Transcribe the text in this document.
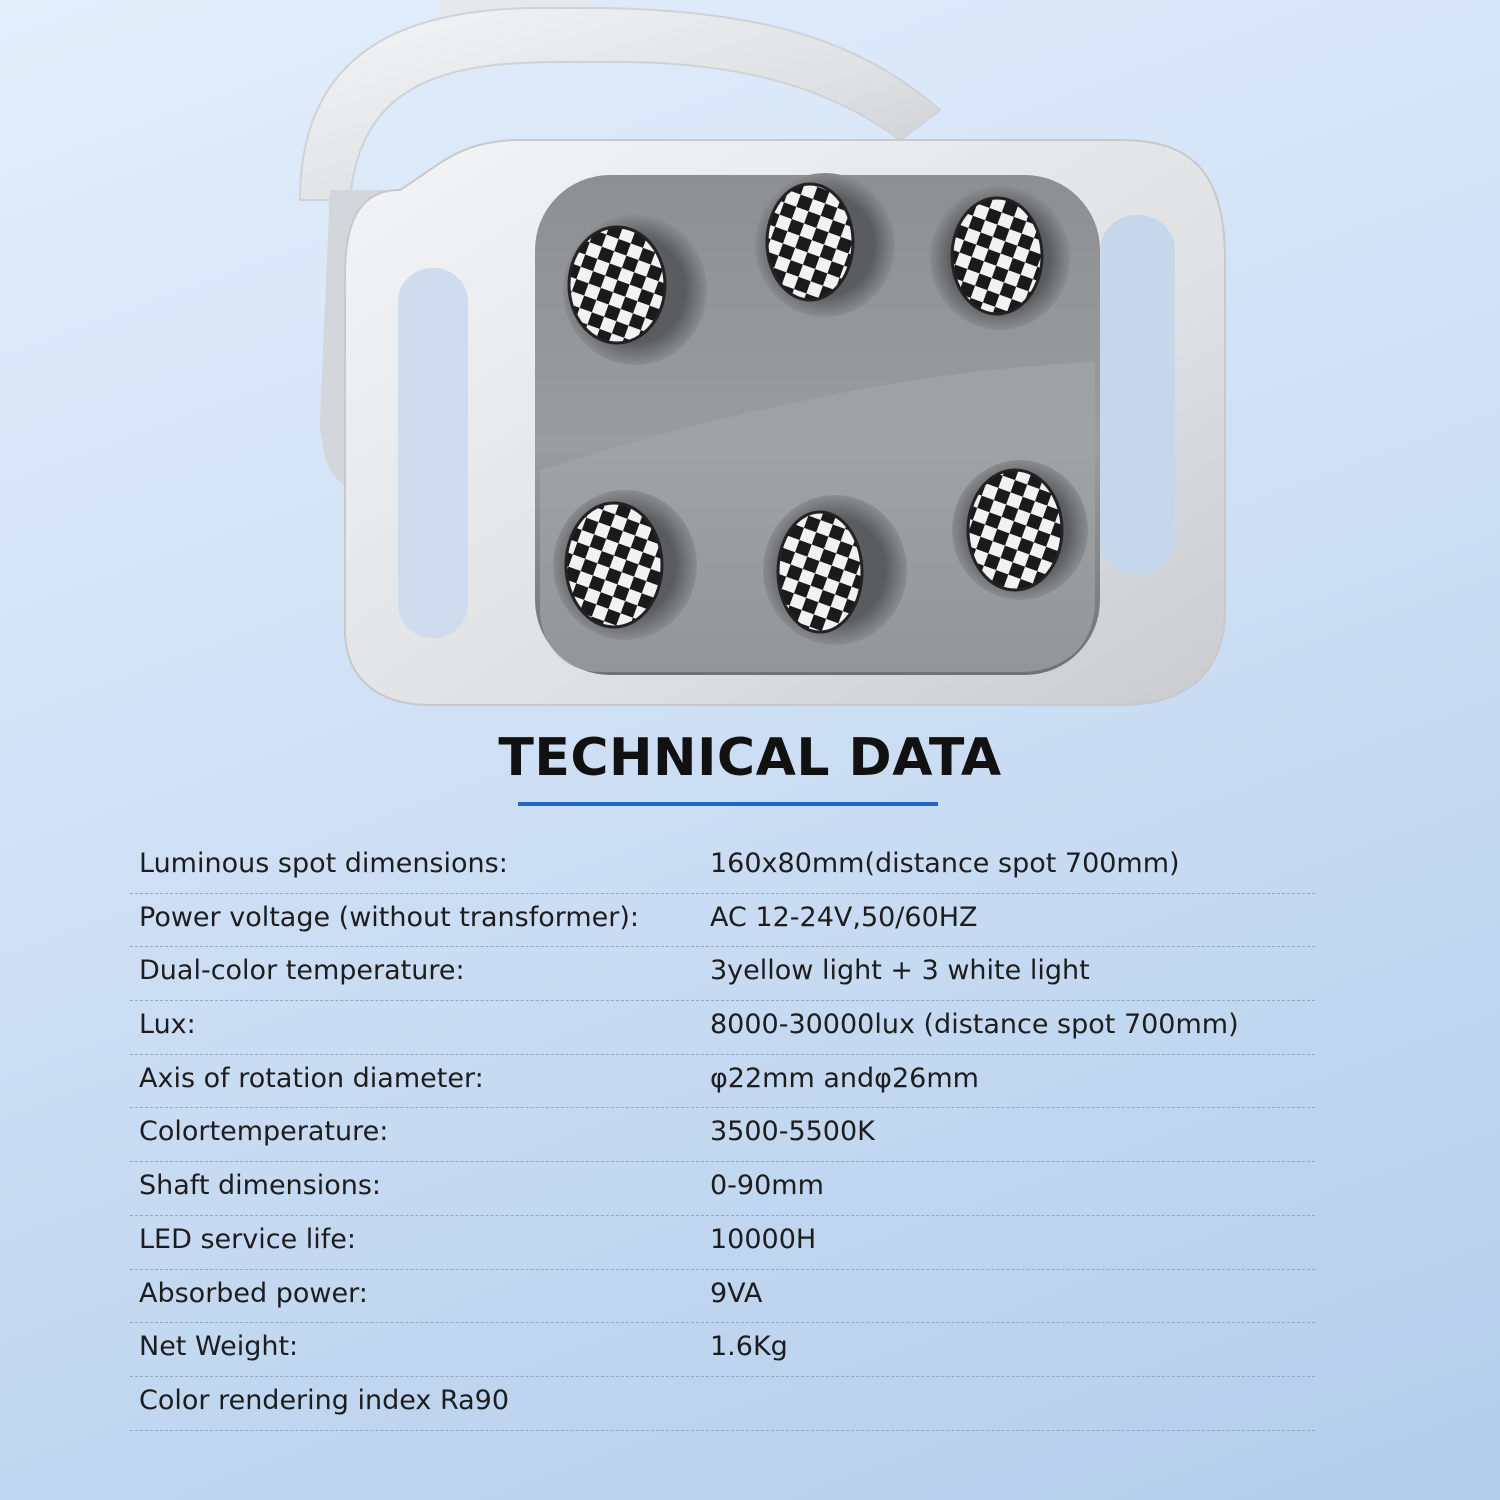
TECHNICAL DATA
Luminous spot dimensions:	160x80mm(distance spot 700mm)
Power voltage (without transformer):	AC 12-24V,50/60HZ
Dual-color temperature:	3yellow light + 3 white light
Lux:	8000-30000lux (distance spot 700mm)
Axis of rotation diameter:	φ22mm andφ26mm
Colortemperature:	3500-5500K
Shaft dimensions:	0-90mm
LED service life:	10000H
Absorbed power:	9VA
Net Weight:	1.6Kg
Color rendering index Ra90
